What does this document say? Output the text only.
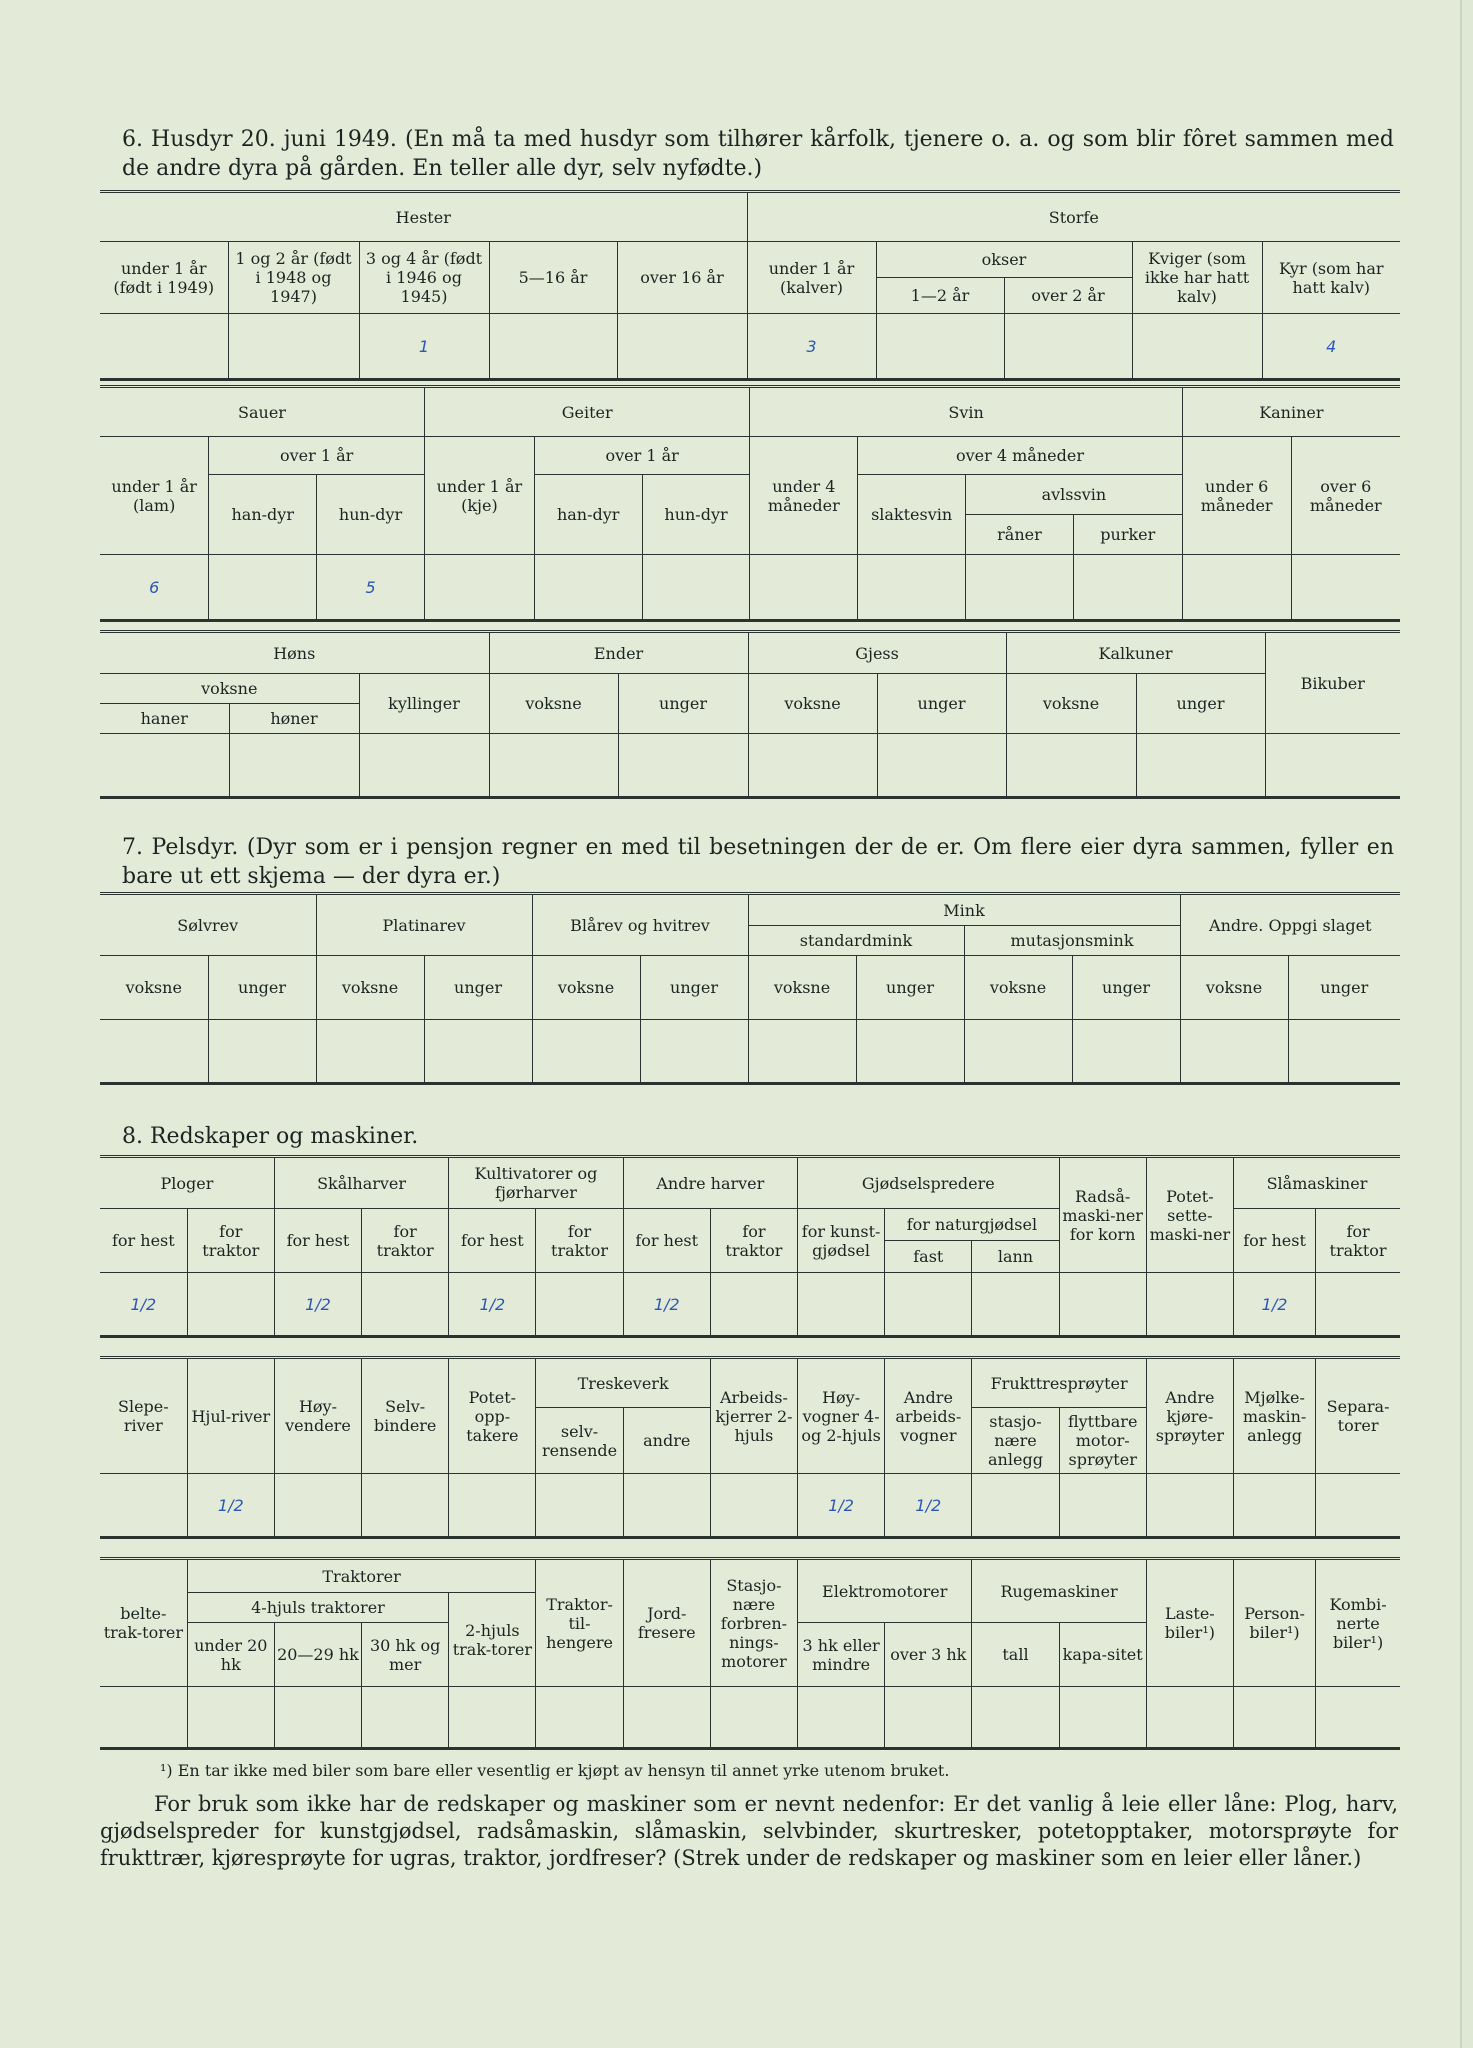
6. Husdyr 20. juni 1949. (En må ta med husdyr som tilhører kårfolk, tjenere o. a. og som blir fôret sammen med de andre dyra på gården. En teller alle dyr, selv nyfødte.)
Hester					Storfe				
under 1 år (født i 1949)	1 og 2 år (født i 1948 og 1947)	3 og 4 år (født i 1946 og 1945)	5—16 år	over 16 år	under 1 år (kalver)	okser		Kviger (som ikke har hatt kalv)	Kyr (som har hatt kalv)
						1—2 år	over 2 år		
		1			3				4
Sauer			Geiter			Svin				Kaniner	
under 1 år (lam)	over 1 år		under 1 år (kje)	over 1 år		under 4 måneder	over 4 måneder			under 6 måneder	over 6 måneder
	han-dyr	hun-dyr		han-dyr	hun-dyr		slaktesvin	avlssvin			
								råner	purker		
6		5									
Høns			Ender		Gjess		Kalkuner		Bikuber
voksne		kyllinger	voksne	unger	voksne	unger	voksne	unger	
haner	høner								

7. Pelsdyr. (Dyr som er i pensjon regner en med til besetningen der de er. Om flere eier dyra sammen, fyller en bare ut ett skjema — der dyra er.)
Sølvrev		Platinarev		Blårev og hvitrev		Mink				Andre. Oppgi slaget	
						standardmink		mutasjonsmink			
voksne	unger	voksne	unger	voksne	unger	voksne	unger	voksne	unger	voksne	unger

8. Redskaper og maskiner.
Ploger		Skålharver		Kultivatorer og fjørharver		Andre harver		Gjødselspredere			Radså-maski-ner for korn	Potet-sette-maski-ner	Slåmaskiner	
for hest	for traktor	for hest	for traktor	for hest	for traktor	for hest	for traktor	for kunst-gjødsel	for naturgjødsel				for hest	for traktor
									fast	lann				
1/2		1/2		1/2		1/2							1/2	
Slepe-river	Hjul-river	Høy-vendere	Selv-bindere	Potet-opp-takere	Treskeverk		Arbeids-kjerrer 2-hjuls	Høy-vogner 4- og 2-hjuls	Andre arbeids-vogner	Frukttresprøyter		Andre kjøre-sprøyter	Mjølke-maskin-anlegg	Separa-torer
					selv-rensende	andre				stasjo-nære anlegg	flyttbare motor-sprøyter			
	1/2							1/2	1/2					
belte-trak-torer	Traktorer				Traktor-til-hengere	Jord-fresere	Stasjo-nære forbren-nings-motorer	Elektromotorer		Rugemaskiner		Laste-biler¹)	Person-biler¹)	Kombi-nerte biler¹)
	4-hjuls traktorer			2-hjuls trak-torer										
	under 20 hk	20—29 hk	30 hk og mer					3 hk eller mindre	over 3 hk	tall	kapa-sitet			

¹) En tar ikke med biler som bare eller vesentlig er kjøpt av hensyn til annet yrke utenom bruket.
For bruk som ikke har de redskaper og maskiner som er nevnt nedenfor: Er det vanlig å leie eller låne: Plog, harv, gjødselspreder for kunstgjødsel, radsåmaskin, slåmaskin, selvbinder, skurtresker, potetopptaker, motorsprøyte for frukttrær, kjøresprøyte for ugras, traktor, jordfreser? (Strek under de redskaper og maskiner som en leier eller låner.)
